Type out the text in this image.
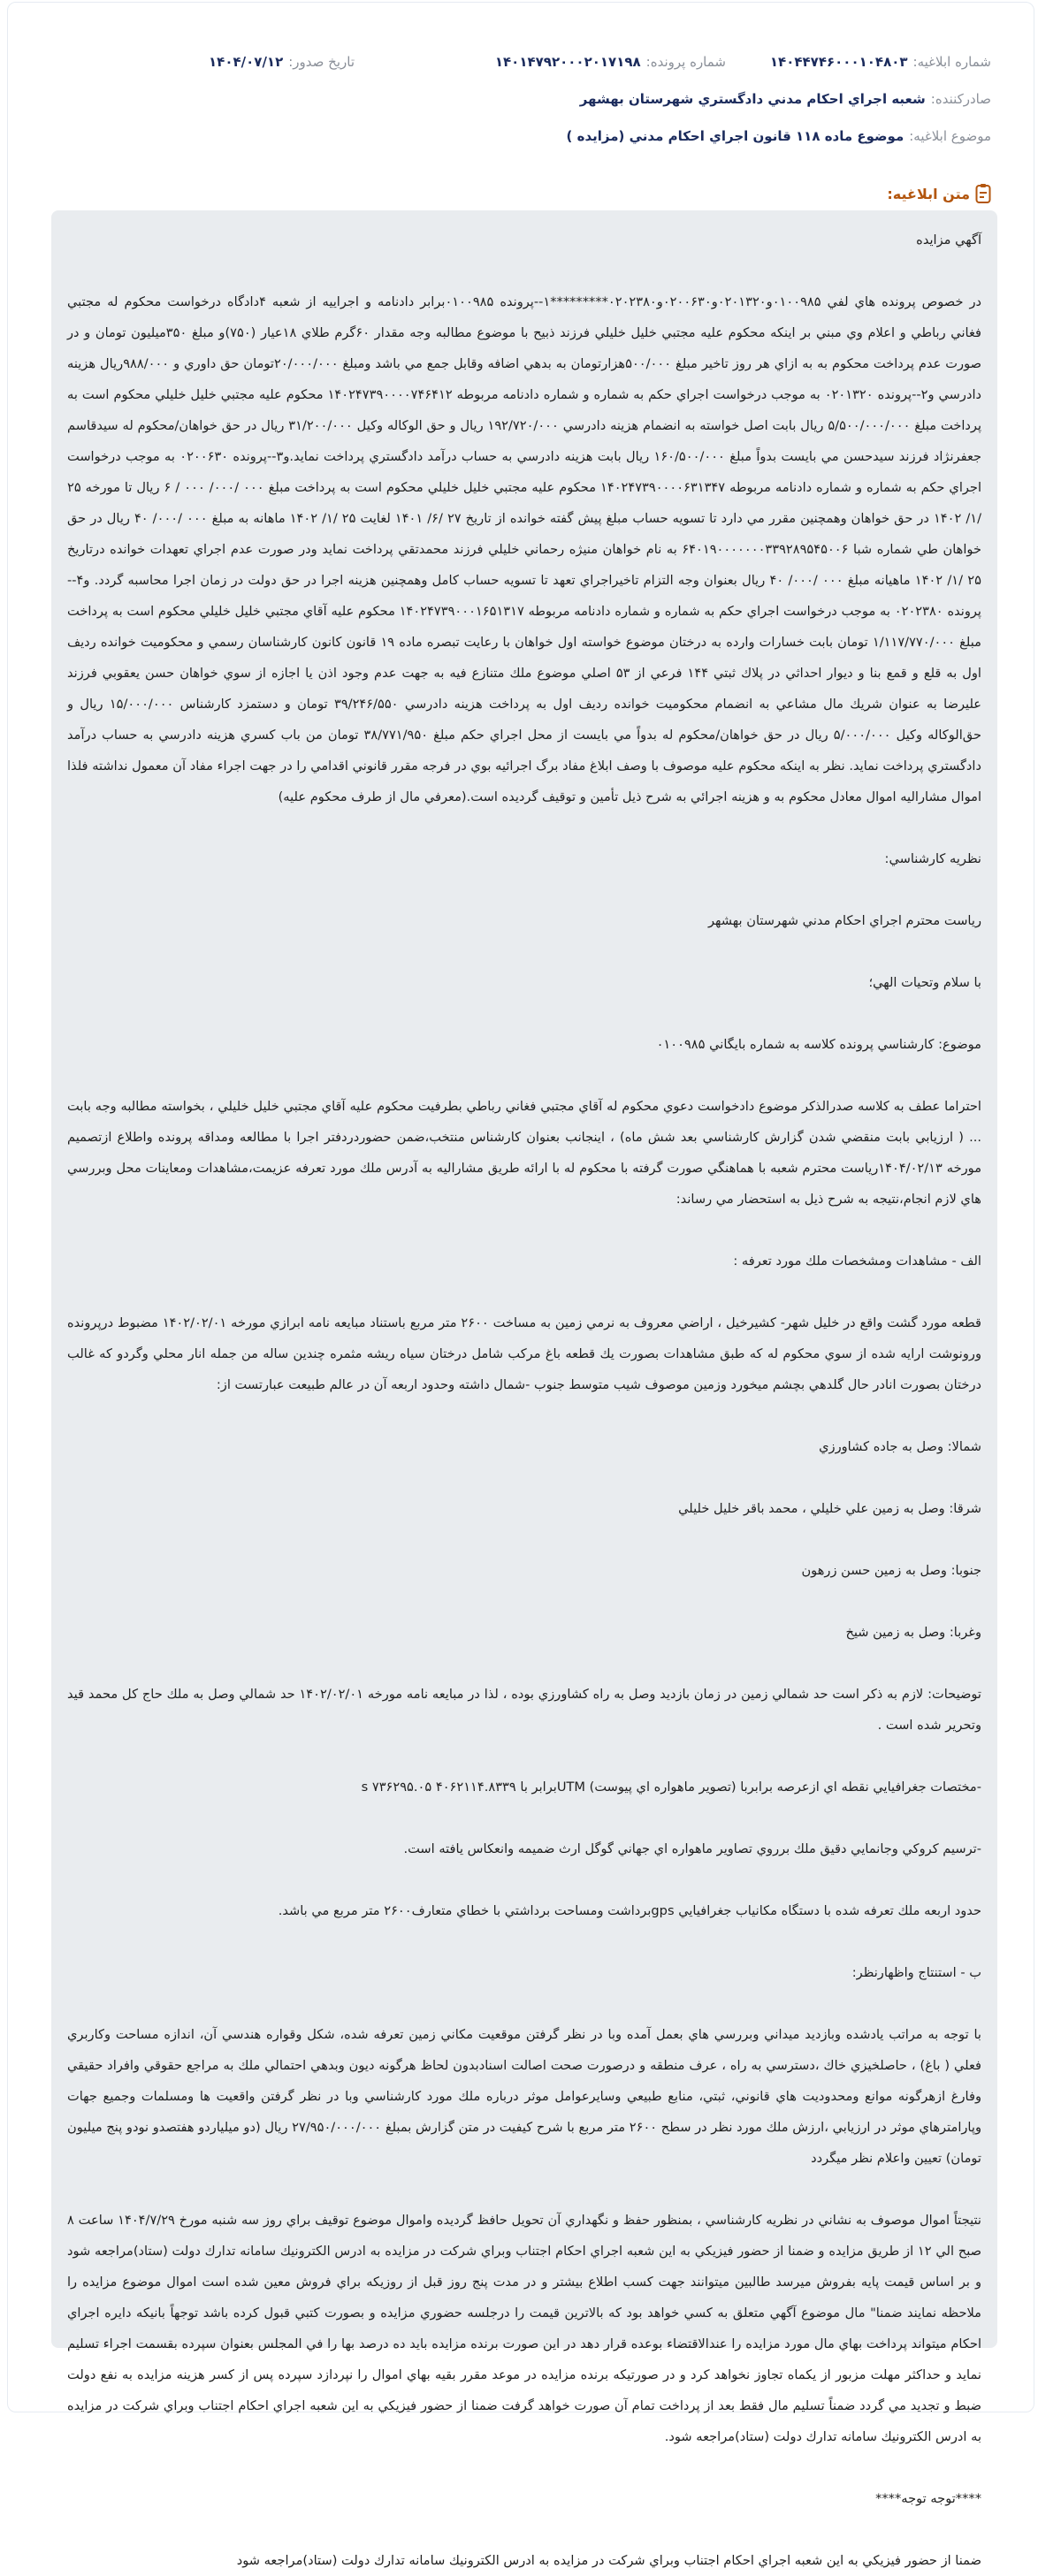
شماره ابلاغیه:۱۴۰۴۴۷۴۶۰۰۰۱۰۴۸۰۳
شماره پرونده:۱۴۰۱۴۷۹۲۰۰۰۲۰۱۷۱۹۸
تاریخ صدور:۱۴۰۴/۰۷/۱۲
صادرکننده:
شعبه اجراي احكام مدني دادگستري شهرستان بهشهر
موضوع ابلاغیه:
موضوع ماده ۱۱۸ قانون اجراي احكام مدني (مزايده )
متن ابلاغیه:

آگهي مزايده

در خصوص پرونده هاي لفي ۰۱۰۰۹۸۵و۰۲۰۱۳۲۰و۰۲۰۰۶۳۰و۰۲۰۲۳۸۰*********۱--پرونده ۰۱۰۰۹۸۵برابر دادنامه و اجراييه از شعبه ۴دادگاه درخواست محكوم له مجتبي فغاني رباطي و اعلام وي مبني بر اينكه محكوم عليه مجتبي خليل خليلي فرزند ذبيح با موضوع مطالبه وجه مقدار ۶۰گرم طلاي ۱۸عيار (۷۵۰)و مبلغ ۳۵۰ميليون تومان و در صورت عدم پرداخت محكوم به به ازاي هر روز تاخير مبلغ ۵۰۰/۰۰۰هزارتومان به بدهي اضافه وقابل جمع مي باشد ومبلغ ۲۰/۰۰۰/۰۰۰تومان حق داوري و ۹۸۸/۰۰۰ريال هزينه دادرسي و۲--پرونده ۰۲۰۱۳۲۰ به موجب درخواست اجراي حكم به شماره و شماره دادنامه مربوطه ۱۴۰۲۴۷۳۹۰۰۰۰۷۴۶۴۱۲ محكوم عليه مجتبي خليل خليلي محكوم است به پرداخت مبلغ ۵/۵۰۰/۰۰۰/۰۰۰ ريال بابت اصل خواسته به انضمام هزينه دادرسي ۱۹۲/۷۲۰/۰۰۰ ريال و حق الوكاله وكيل ۳۱/۲۰۰/۰۰۰ ريال در حق خواهان/محكوم له سيدقاسم جعفرنژاد فرزند سيدحسن مي بايست بدواً مبلغ ۱۶۰/۵۰۰/۰۰۰ ريال بابت هزينه دادرسي به حساب درآمد دادگستري پرداخت نمايد.و۳--پرونده ۰۲۰۰۶۳۰ به موجب درخواست اجراي حكم به شماره و شماره دادنامه مربوطه ۱۴۰۲۴۷۳۹۰۰۰۰۶۳۱۳۴۷ محكوم عليه مجتبي خليل خليلي محكوم است به پرداخت مبلغ ۰۰۰ /۰۰۰/ ۰۰۰ / ۶ ريال تا مورخه ۲۵ /۱/ ۱۴۰۲ در حق خواهان وهمچنين مقرر مي دارد تا تسويه حساب مبلغ پيش گفته خوانده از تاريخ ۲۷ /۶/ ۱۴۰۱ لغايت ۲۵ /۱/ ۱۴۰۲ ماهانه به مبلغ ۰۰۰ /۰۰۰/ ۴۰ ريال در حق خواهان طي شماره شبا ۶۴۰۱۹۰۰۰۰۰۰۰۳۳۹۲۸۹۵۴۵۰۰۶ به نام خواهان منيژه رحماني خليلي فرزند محمدتقي پرداخت نمايد ودر صورت عدم اجراي تعهدات خوانده درتاريخ ۲۵ /۱/ ۱۴۰۲ ماهيانه مبلغ ۰۰۰ /۰۰۰/ ۴۰ ريال بعنوان وجه التزام تاخيراجراي تعهد تا تسويه حساب كامل وهمچنين هزينه اجرا در حق دولت در زمان اجرا محاسبه گردد. و۴--پرونده ۰۲۰۲۳۸۰ به موجب درخواست اجراي حكم به شماره و شماره دادنامه مربوطه ۱۴۰۲۴۷۳۹۰۰۰۱۶۵۱۳۱۷ محكوم عليه آقاي مجتبي خليل خليلي محكوم است به پرداخت مبلغ ۱/۱۱۷/۷۷۰/۰۰۰ تومان بابت خسارات وارده به درختان موضوع خواسته اول خواهان با رعايت تبصره ماده ۱۹ قانون كانون كارشناسان رسمي و محكوميت خوانده رديف اول به قلع و قمع بنا و ديوار احداثي در پلاك ثبتي ۱۴۴ فرعي از ۵۳ اصلي موضوع ملك متنازع فيه به جهت عدم وجود اذن يا اجازه از سوي خواهان حسن يعقوبي فرزند عليرضا به عنوان شريك مال مشاعي به انضمام محكوميت خوانده رديف اول به پرداخت هزينه دادرسي ۳۹/۲۴۶/۵۵۰ تومان و دستمزد كارشناس ۱۵/۰۰۰/۰۰۰ ريال و حق‌الوكاله وكيل ۵/۰۰۰/۰۰۰ ريال در حق خواهان/محكوم له بدواً مي بايست از محل اجراي حكم مبلغ ۳۸/۷۷۱/۹۵۰ تومان من باب كسري هزينه دادرسي به حساب درآمد دادگستري پرداخت نمايد. نظر به اينكه محكوم عليه موصوف با وصف ابلاغ مفاد برگ اجرائيه بوي در فرجه مقرر قانوني اقدامي را در جهت اجراء مفاد آن معمول نداشته فلذا اموال مشاراليه اموال معادل محكوم به و هزينه اجرائي به شرح ذيل تأمين و توقيف گرديده است.(معرفي مال از طرف محكوم عليه)

نظريه كارشناسي:

رياست محترم اجراي احكام مدني شهرستان بهشهر

با سلام وتحيات الهي؛

موضوع: كارشناسي پرونده كلاسه به شماره بايگاني ۰۱۰۰۹۸۵

احتراما عطف به كلاسه صدرالذكر موضوع دادخواست دعوي محكوم له آقاي مجتبي فغاني رباطي بطرفيت محكوم عليه آقاي مجتبي خليل خليلي ، بخواسته مطالبه وجه بابت ... ( ارزيابي بابت منقضي شدن گزارش كارشناسي بعد شش ماه) ، اينجانب بعنوان كارشناس منتخب،ضمن حضوردردفتر اجرا با مطالعه ومداقه پرونده واطلاع ازتصميم مورخه ۱۴۰۴/۰۲/۱۳رياست محترم شعبه با هماهنگي صورت گرفته با محكوم له با ارائه طريق مشاراليه به آدرس ملك مورد تعرفه عزيمت،مشاهدات ومعاينات محل وبررسي هاي لازم انجام،نتيجه به شرح ذيل به استحضار مي رساند:

الف - مشاهدات ومشخصات ملك مورد تعرفه :

قطعه مورد گشت واقع در خليل شهر- كشيرخيل ، اراضي معروف به نرمي زمين به مساخت ۲۶۰۰ متر مربع باستناد مبايعه نامه ابرازي مورخه ۱۴۰۲/۰۲/۰۱ مضبوط درپرونده ورونوشت ارايه شده از سوي محكوم له كه طبق مشاهدات بصورت يك قطعه باغ مركب شامل درختان سياه ريشه مثمره چندين ساله من جمله انار محلي وگردو كه غالب درختان بصورت انادر حال گلدهي بچشم ميخورد وزمين موصوف شيب متوسط جنوب -شمال داشته وحدود اربعه آن در عالم طبيعت عبارتست از:

شمالا: وصل به جاده كشاورزي

شرقا: وصل به زمين علي خليلي ، محمد باقر خليل خليلي

جنوبا: وصل به زمين حسن زرهون

وغربا: وصل به زمين شيخ

توضيحات: لازم به ذكر است حد شمالي زمين در زمان بازديد وصل به راه كشاورزي بوده ، لذا در مبايعه نامه مورخه ۱۴۰۲/۰۲/۰۱ حد شمالي وصل به ملك حاج كل محمد قيد وتحرير شده است .

-مختصات جغرافيايي نقطه اي ازعرصه برابربا (تصوير ماهواره اي پيوست) UTMبرابر با ۴۰۶۲۱۱۴.۸۳۳۹ ۷۳۶۲۹۵.۰۵ s

-ترسيم كروكي وجانمايي دقيق ملك برروي تصاوير ماهواره اي جهاني گوگل ارث ضميمه وانعكاس يافته است.

حدود اربعه ملك تعرفه شده با دستگاه مكانياب جغرافيايي gpsبرداشت ومساحت برداشتي با خطاي متعارف۲۶۰۰ متر مربع مي باشد.

ب - استنتاج واظهارنظر:

با توجه به مراتب يادشده وبازديد ميداني وبررسي هاي بعمل آمده وبا در نظر گرفتن موقعيت مكاني زمين تعرفه شده، شكل وقواره هندسي آن، اندازه مساحت وكاربري فعلي ( باغ) ، حاصلخيزي خاك ،دسترسي به راه ، عرف منطقه و درصورت صحت اصالت اسنادبدون لحاظ هرگونه ديون وبدهي احتمالي ملك به مراجع حقوقي وافراد حقيقي وفارغ ازهرگونه موانع ومحدوديت هاي قانوني، ثبتي، منابع طبيعي وسايرعوامل موثر درباره ملك مورد كارشناسي وبا در نظر گرفتن واقعيت ها ومسلمات وجميع جهات وپارامترهاي موثر در ارزيابي ،ارزش ملك مورد نظر در سطح ۲۶۰۰ متر مربع با شرح كيفيت در متن گزارش بمبلغ ۲۷/۹۵۰/۰۰۰/۰۰۰ ريال (دو ميلياردو هفتصدو نودو پنج ميليون تومان) تعيين واعلام نظر ميگردد

نتيجتاً اموال موصوف به نشاني در نظريه كارشناسي ، بمنظور حفظ و نگهداري آن تحويل حافظ گرديده واموال موضوع توقيف براي روز سه شنبه مورخ ۱۴۰۴/۷/۲۹ ساعت ۸ صبح الي ۱۲ از طريق مزايده و ضمنا از حضور فيزيكي به اين شعبه اجراي احكام اجتناب وبراي شركت در مزايده به ادرس الكترونيك سامانه تدارك دولت (ستاد)مراجعه شود و بر اساس قيمت پايه بفروش ميرسد طالبين ميتوانند جهت كسب اطلاع بيشتر و در مدت پنج روز قبل از روزيكه براي فروش معين شده است اموال موضوع مزايده را ملاحظه نمايند ضمنا" مال موضوع آگهي متعلق به كسي خواهد بود كه بالاترين قيمت را درجلسه حضوري مزايده و بصورت كتبي قبول كرده باشد توجهاً بانيكه دايره اجراي احكام ميتواند پرداخت بهاي مال مورد مزايده را عندالاقتضاء بوعده قرار دهد در اين صورت برنده مزايده بايد ده درصد بها را في المجلس بعنوان سپرده بقسمت اجراء تسليم نمايد و حداكثر مهلت مزبور از يكماه تجاوز نخواهد كرد و در صورتيكه برنده مزايده در موعد مقرر بقيه بهاي اموال را نپردازد سپرده پس از كسر هزينه مزايده به نفع دولت ضبط و تجديد مي گردد ضمناً تسليم مال فقط بعد از پرداخت تمام آن صورت خواهد گرفت ضمنا از حضور فيزيكي به اين شعبه اجراي احكام اجتناب وبراي شركت در مزايده به ادرس الكترونيك سامانه تدارك دولت (ستاد)مراجعه شود.

****توجه توجه****

ضمنا از حضور فيزيكي به اين شعبه اجراي احكام اجتناب وبراي شركت در مزايده به ادرس الكترونيك سامانه تدارك دولت (ستاد)مراجعه شود
